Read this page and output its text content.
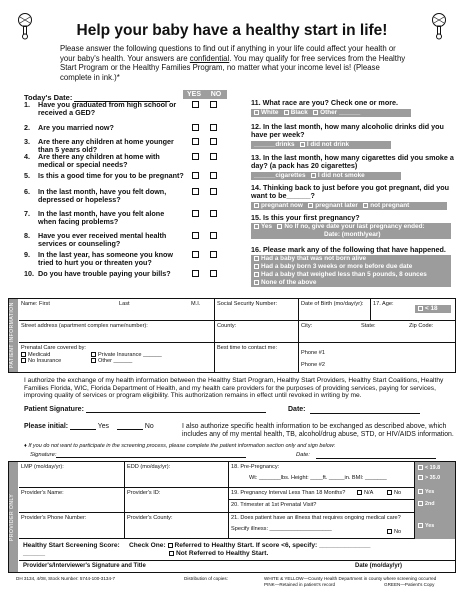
Help your baby have a healthy start in life!
Please answer the following questions to find out if anything in your life could affect your health or your baby's health. Your answers are confidential. You may qualify for free services from the Healthy Start Program or the Healthy Families Program, no matter what your income level is! (Please complete in ink.)*
Today's Date:	YES	NO
1.	Have you graduated from high school or received a GED?
2.	Are you married now?
3.	Are there any children at home younger than 5 years old?
4.	Are there any children at home with medical or special needs?
5.	Is this a good time for you to be pregnant?
6.	In the last month, have you felt down, depressed or hopeless?
7.	In the last month, have you felt alone when facing problems?
8.	Have you ever received mental health services or counseling?
9.	In the last year, has someone you know tried to hurt you or threaten you?
10. Do you have trouble paying your bills?
11. What race are you? Check one or more.
White Black Other ______
12. In the last month, how many alcoholic drinks did you have per week?
______drinks I did not drink
13. In the last month, how many cigarettes did you smoke a day? (a pack has 20 cigarettes)
______cigarettes I did not smoke
14. Thinking back to just before you got pregnant, did you want to be______?
pregnant now pregnant later not pregnant
15. Is this your first pregnancy?
Yes No If no, give date your last pregnancy ended:
Date: (month/year)
16. Please mark any of the following that have happened.
Had a baby that was not born alive
Had a baby born 3 weeks or more before due date
Had a baby that weighed less than 5 pounds, 8 ounces
None of the above
PATIENT INFORMATION	Name: First	Last	M.I.	Social Security Number:	Date of Birth (mo/day/yr):	17. Age:
< 18
Street address (apartment complex name/number):	County:	City:	State:	Zip Code:
Prenatal Care covered by:
Medicaid	Private Insurance ______
No Insurance	Other ______
Best time to contact me:
Phone #1
Phone #2
I authorize the exchange of my health information between the Healthy Start Program, Healthy Start Providers, Healthy Start Coalitions, Healthy Families Florida, WIC, Florida Department of Health, and my health care providers for the purposes of providing services, paying for services, improving quality of services or program eligibility. This authorization remains in effect until revoked in writing by me.
Patient Signature:	Date:
Please initial:	Yes	No	I also authorize specific health information to be exchanged as described above, which includes any of my mental health, TB, alcohol/drug abuse, STD, or HIV/AIDS information.
♦ If you do not want to participate in the screening process, please complete the patient information section only and sign below:
Signature:	Date:
PROVIDER ONLY
LMP (mo/day/yr):	EDD (mo/day/yr):	18. Pre-Pregnancy:
Wt: _______lbs. Height: ____ft. _____in. BMI: _______
< 19.8
> 35.0
Provider's Name:	Provider's ID:	19. Pregnancy Interval Less Than 18 Months?	N/A	No	Yes
20. Trimester at 1st Prenatal Visit?	2nd
Provider's Phone Number:	Provider's County:	21. Does patient have an illness that requires ongoing medical care?
Specify illness: ____________________	No
Yes
Healthy Start Screening Score: ______
Check One: Referred to Healthy Start. If score <6, specify: ______________
Not Referred to Healthy Start.
Provider's/Interviewer's Signature and Title	Date (mo/day/yr)
DH 3134, 4/08, Stock Number: 5744-100-3134-7	Distribution of copies:	WHITE & YELLOW—County Health Department in county where screening occurred
PINK—Retained in patient's record	GREEN—Patient's Copy
